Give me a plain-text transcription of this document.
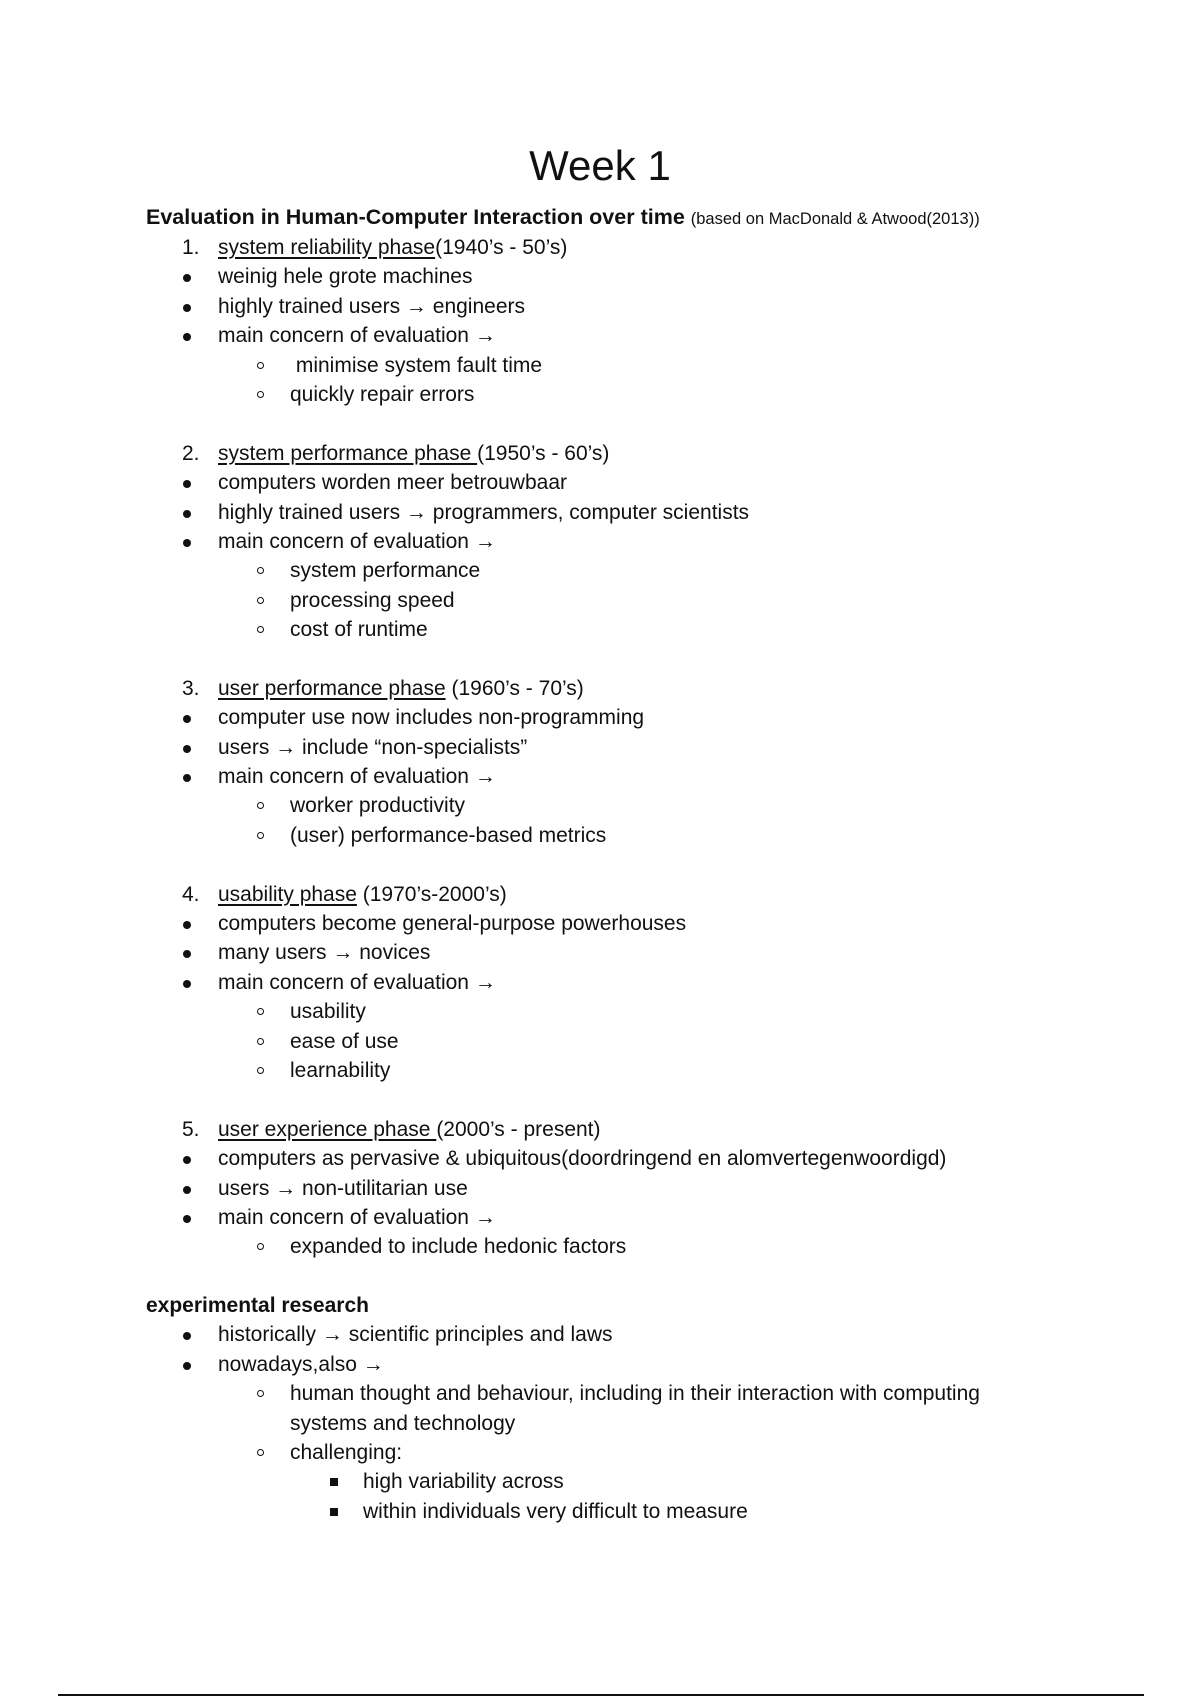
Week 1
Evaluation in Human-Computer Interaction over time (based on MacDonald & Atwood(2013))
1. system reliability phase(1940’s - 50’s)
weinig hele grote machines
highly trained users → engineers
main concern of evaluation →
minimise system fault time
quickly repair errors
2. system performance phase (1950’s - 60’s)
computers worden meer betrouwbaar
highly trained users → programmers, computer scientists
main concern of evaluation →
system performance
processing speed
cost of runtime
3. user performance phase (1960’s - 70’s)
computer use now includes non-programming
users → include “non-specialists”
main concern of evaluation →
worker productivity
(user) performance-based metrics
4. usability phase (1970’s-2000’s)
computers become general-purpose powerhouses
many users → novices
main concern of evaluation →
usability
ease of use
learnability
5. user experience phase (2000’s - present)
computers as pervasive & ubiquitous(doordringend en alomvertegenwoordigd)
users → non-utilitarian use
main concern of evaluation →
expanded to include hedonic factors
experimental research
historically → scientific principles and laws
nowadays,also →
human thought and behaviour, including in their interaction with computing
systems and technology
challenging:
high variability across
within individuals very difficult to measure
